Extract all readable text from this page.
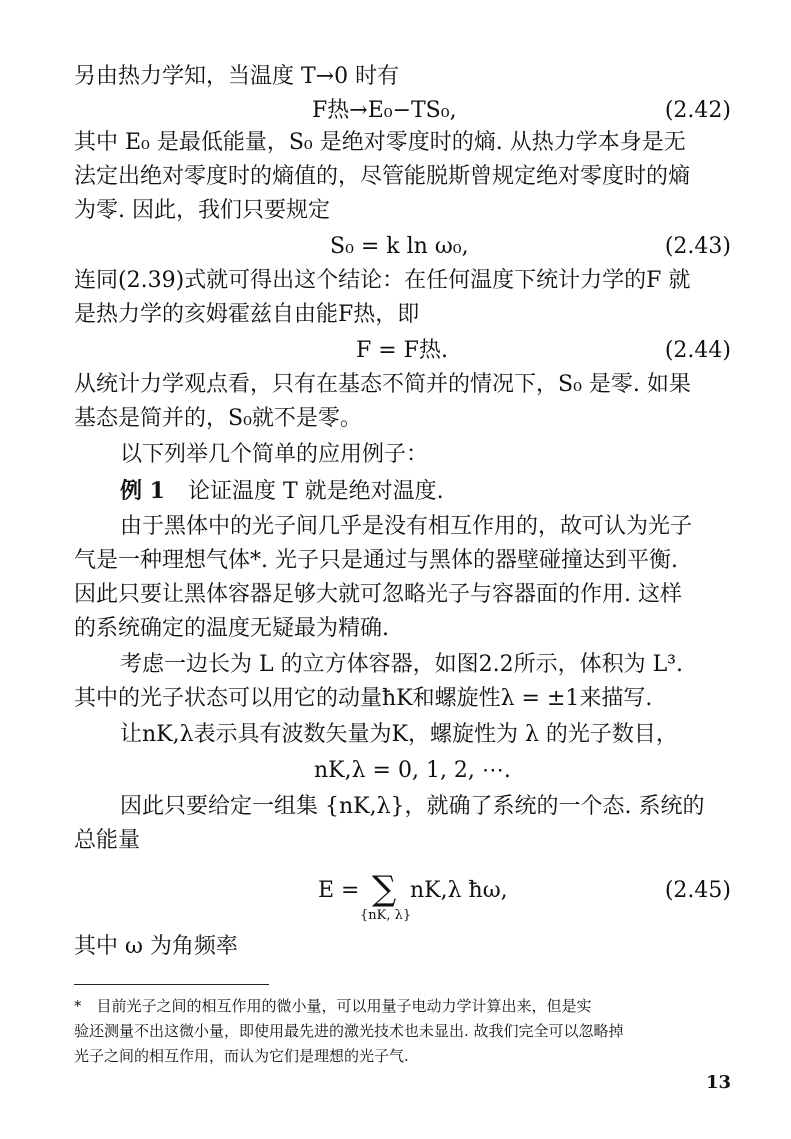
另由热力学知，当温度 T→0 时有
F热→E₀−TS₀,	(2.42)
其中 E₀ 是最低能量，S₀ 是绝对零度时的熵. 从热力学本身是无
法定出绝对零度时的熵值的，尽管能脱斯曾规定绝对零度时的熵
为零. 因此，我们只要规定
S₀ = k ln ω₀,	(2.43)
连同(2.39)式就可得出这个结论：在任何温度下统计力学的F 就
是热力学的亥姆霍兹自由能F热，即
F = F热.	(2.44)
从统计力学观点看，只有在基态不简并的情况下，S₀ 是零. 如果
基态是简并的，S₀就不是零。
以下列举几个简单的应用例子：
例 1 论证温度 T 就是绝对温度.
由于黑体中的光子间几乎是没有相互作用的，故可认为光子
气是一种理想气体*. 光子只是通过与黑体的器壁碰撞达到平衡.
因此只要让黑体容器足够大就可忽略光子与容器面的作用. 这样
的系统确定的温度无疑最为精确.
考虑一边长为 L 的立方体容器，如图2.2所示，体积为 L³.
其中的光子状态可以用它的动量ħK和螺旋性λ = ±1来描写.
让nK,λ表示具有波数矢量为K，螺旋性为 λ 的光子数目，
nK,λ = 0, 1, 2, ⋯.
因此只要给定一组集 {nK,λ}，就确了系统的一个态. 系统的
总能量
E = ∑
{nK, λ}
nK,λ ħω,	(2.45)
其中 ω 为角频率
*　目前光子之间的相互作用的微小量，可以用量子电动力学计算出来，但是实
验还测量不出这微小量，即使用最先进的激光技术也未显出. 故我们完全可以忽略掉
光子之间的相互作用，而认为它们是理想的光子气.
13
